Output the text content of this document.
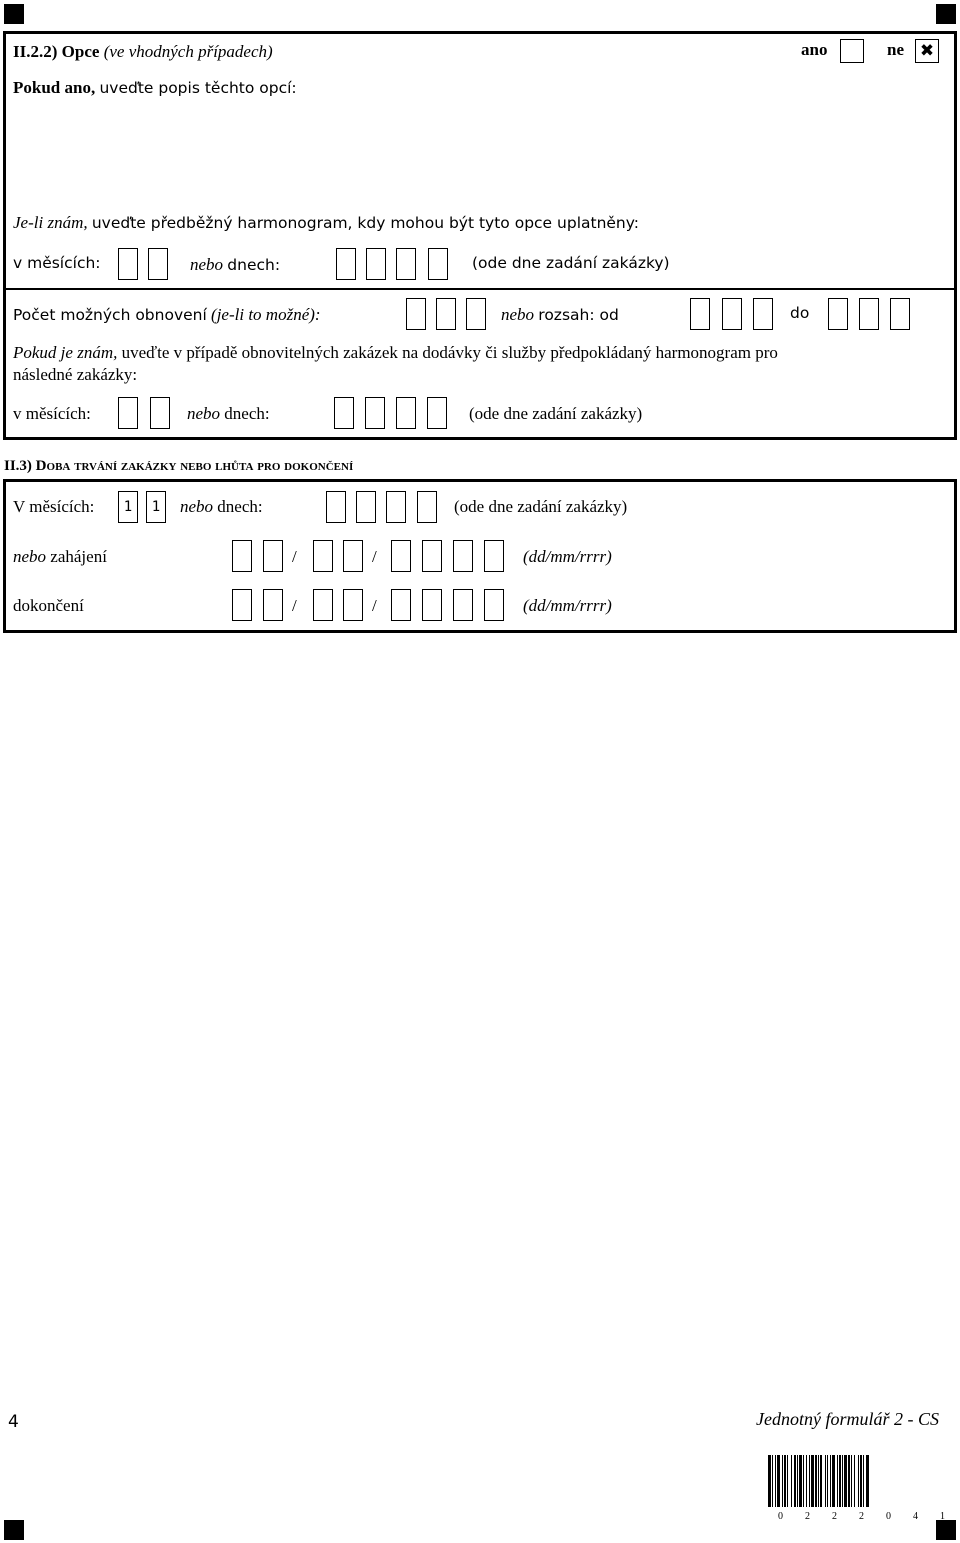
II.2.2) Opce (ve vhodných případech)	ano	ne ✖
Pokud ano, uveďte popis těchto opcí:
Je-li znám, uveďte předběžný harmonogram, kdy mohou být tyto opce uplatněny:
v měsících:	nebo dnech:	(ode dne zadání zakázky)
Počet možných obnovení (je-li to možné):	nebo rozsah: od	do
Pokud je znám, uveďte v případě obnovitelných zakázek na dodávky či služby předpokládaný harmonogram pro
následné zakázky:
v měsících:	nebo dnech:	(ode dne zadání zakázky)
II.3) Doba trvání zakázky nebo lhůta pro dokončení
V měsících: 1 1 nebo dnech:	(ode dne zadání zakázky)
nebo zahájení	/	/	(dd/mm/rrrr)
dokončení	/	/	(dd/mm/rrrr)
4	Jednotný formulář 2 - CS
0 2 2 2 0 4 1
